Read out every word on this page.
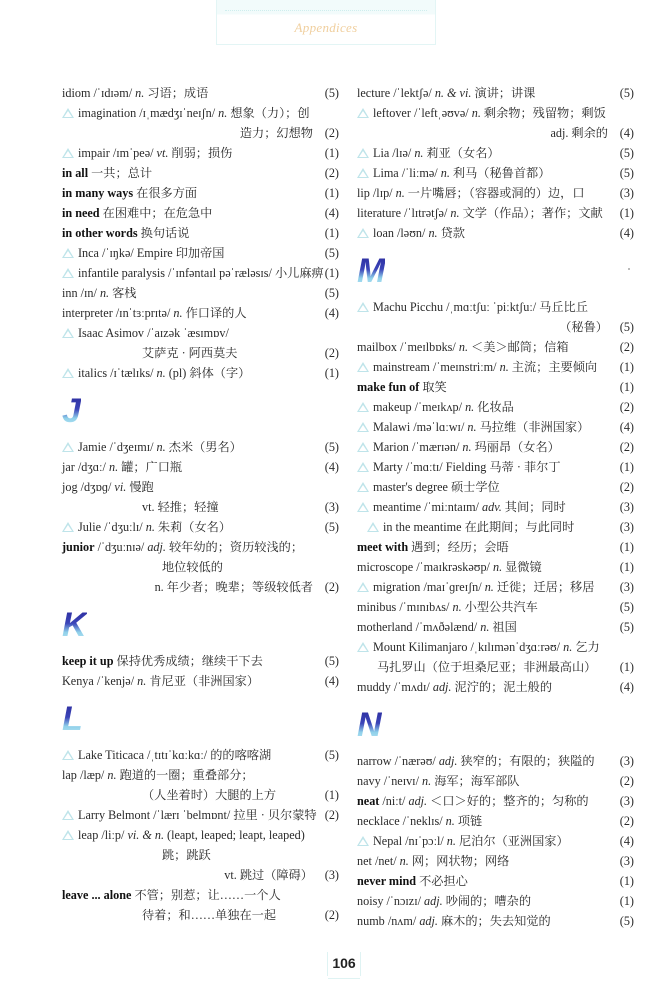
Appendices
idiom /ˈɪdɪəm/ n. 习语；成语	(5)
imagination /ɪˌmædʒɪˈneɪʃn/ n. 想象（力）；创
造力；幻想物 (2)
impair /ɪmˈpeə/ vt. 削弱；损伤	(1)
in all 一共；总计	(2)
in many ways 在很多方面	(1)
in need 在困难中；在危急中	(4)
in other words 换句话说	(1)
Inca /ˈɪŋkə/ Empire 印加帝国	(5)
infantile paralysis /ˈɪnfəntaɪl pəˈræləsɪs/ 小儿麻痹 (1)
inn /ɪn/ n. 客栈	(5)
interpreter /ɪnˈtɜːprɪtə/ n. 作口译的人	(4)
Isaac Asimov /ˈaɪzək ˈæsɪmɒv/
艾萨克 · 阿西莫夫	(2)
italics /ɪˈtælɪks/ n. (pl) 斜体（字）	(1)
J
Jamie /ˈdʒeɪmɪ/ n. 杰米（男名）	(5)
jar /dʒɑː/ n. 罐；广口瓶	(4)
jog /dʒɒɡ/ vi. 慢跑
vt. 轻推；轻撞	(3)
Julie /ˈdʒuːlɪ/ n. 朱莉（女名）	(5)
junior /ˈdʒuːnɪə/ adj. 较年幼的；资历较浅的；
地位较低的
n. 年少者；晚辈；等级较低者 (2)
K
keep it up 保持优秀成绩；继续干下去	(5)
Kenya /ˈkenjə/ n. 肯尼亚（非洲国家）	(4)
L
Lake Titicaca /ˌtɪtɪˈkɑːkɑː/ 的的喀喀湖	(5)
lap /læp/ n. 跑道的一圈；重叠部分；
（人坐着时）大腿的上方	(1)
Larry Belmont /ˈlærɪ ˈbelmɒnt/ 拉里 · 贝尔蒙特 (2)
leap /liːp/ vi. & n. (leapt, leaped; leapt, leaped)
跳；跳跃
vt. 跳过（障碍） (3)
leave ... alone 不管；别惹；让……一个人
待着；和……单独在一起	(2)
lecture /ˈlektʃə/ n. & vi. 演讲；讲课	(5)
leftover /ˈleftˌəʊvə/ n. 剩余物；残留物；剩饭
adj. 剩余的 (4)
Lia /lɪə/ n. 莉亚（女名）	(5)
Lima /ˈliːmə/ n. 利马（秘鲁首都）	(5)
lip /lɪp/ n. 一片嘴唇；（容器或洞的）边，口	(3)
literature /ˈlɪtrətʃə/ n. 文学（作品）；著作；文献 (1)
loan /ləʊn/ n. 贷款	(4)
M
Machu Picchu /ˌmɑːtʃuː ˈpiːktʃuː/ 马丘比丘
（秘鲁） (5)
mailbox /ˈmeɪlbɒks/ n. ＜美＞邮筒；信箱	(2)
mainstream /ˈmeɪnstriːm/ n. 主流；主要倾向 (1)
make fun of 取笑	(1)
makeup /ˈmeɪkʌp/ n. 化妆品	(2)
Malawi /məˈlɑːwɪ/ n. 马拉维（非洲国家）	(4)
Marion /ˈmærɪən/ n. 玛丽昂（女名）	(2)
Marty /ˈmɑːtɪ/ Fielding 马蒂 · 菲尔丁	(1)
master's degree 硕士学位	(2)
meantime /ˈmiːntaɪm/ adv. 其间；同时	(3)
in the meantime 在此期间；与此同时	(3)
meet with 遇到；经历；会晤	(1)
microscope /ˈmaɪkrəskəʊp/ n. 显微镜	(1)
migration /maɪˈɡreɪʃn/ n. 迁徙；迁居；移居 (3)
minibus /ˈmɪnɪbʌs/ n. 小型公共汽车	(5)
motherland /ˈmʌðəlænd/ n. 祖国	(5)
Mount Kilimanjaro /ˌkɪlɪmənˈdʒɑːrəʊ/ n. 乞力
马扎罗山（位于坦桑尼亚；非洲最高山）	(1)
muddy /ˈmʌdɪ/ adj. 泥泞的；泥土般的	(4)
N
narrow /ˈnærəʊ/ adj. 狭窄的；有限的；狭隘的 (3)
navy /ˈneɪvɪ/ n. 海军；海军部队	(2)
neat /niːt/ adj. ＜口＞好的；整齐的；匀称的	(3)
necklace /ˈneklɪs/ n. 项链	(2)
Nepal /nɪˈpɔːl/ n. 尼泊尔（亚洲国家）	(4)
net /net/ n. 网；网状物；网络	(3)
never mind 不必担心	(1)
noisy /ˈnɔɪzɪ/ adj. 吵闹的；嘈杂的	(1)
numb /nʌm/ adj. 麻木的；失去知觉的	(5)
106
